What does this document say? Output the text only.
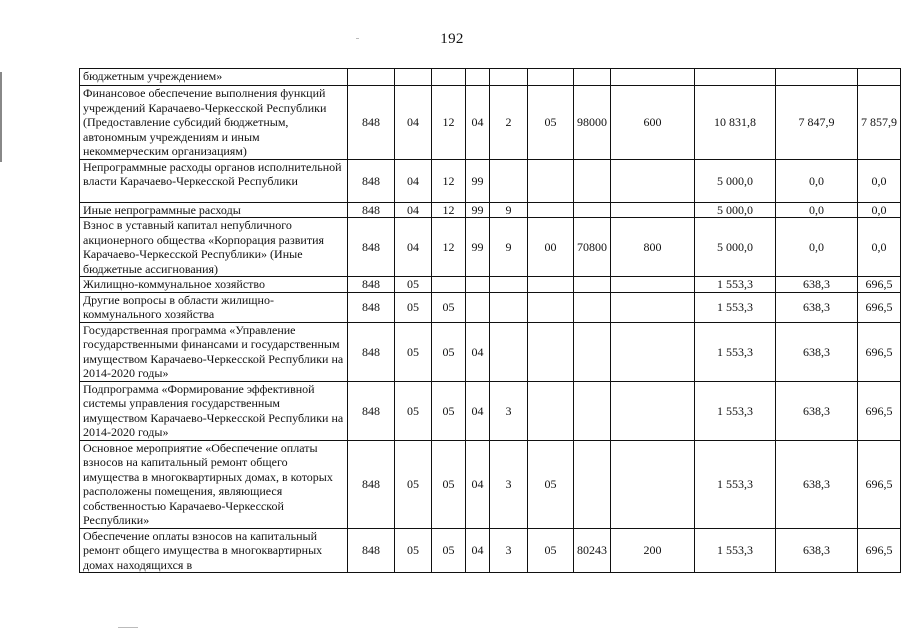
192
бюджетным учреждением»											
Финансовое обеспечение выполнения функций учреждений Карачаево-Черкесской Республики (Предоставление субсидий бюджетным, автономным учреждениям и иным некоммерческим организациям)	848	04	12	04	2	05	98000	600	10 831,8	7 847,9	7 857,9
Непрограммные расходы органов исполнительной власти Карачаево-Черкесской Республики	848	04	12	99					5 000,0	0,0	0,0
Иные непрограммные расходы	848	04	12	99	9				5 000,0	0,0	0,0
Взнос в уставный капитал непубличного акционерного общества «Корпорация развития Карачаево-Черкесской Республики» (Иные бюджетные ассигнования)	848	04	12	99	9	00	70800	800	5 000,0	0,0	0,0
Жилищно-коммунальное хозяйство	848	05							1 553,3	638,3	696,5
Другие вопросы в области жилищно-коммунального хозяйства	848	05	05						1 553,3	638,3	696,5
Государственная программа «Управление государственными финансами и государственным имуществом Карачаево-Черкесской Республики на 2014-2020 годы»	848	05	05	04					1 553,3	638,3	696,5
Подпрограмма «Формирование эффективной системы управления государственным имуществом Карачаево-Черкесской Республики на 2014-2020 годы»	848	05	05	04	3				1 553,3	638,3	696,5
Основное мероприятие «Обеспечение оплаты взносов на капитальный ремонт общего имущества в многоквартирных домах, в которых расположены помещения, являющиеся собственностью Карачаево-Черкесской Республики»	848	05	05	04	3	05			1 553,3	638,3	696,5
Обеспечение оплаты взносов на капитальный ремонт общего имущества в многоквартирных домах находящихся в	848	05	05	04	3	05	80243	200	1 553,3	638,3	696,5
